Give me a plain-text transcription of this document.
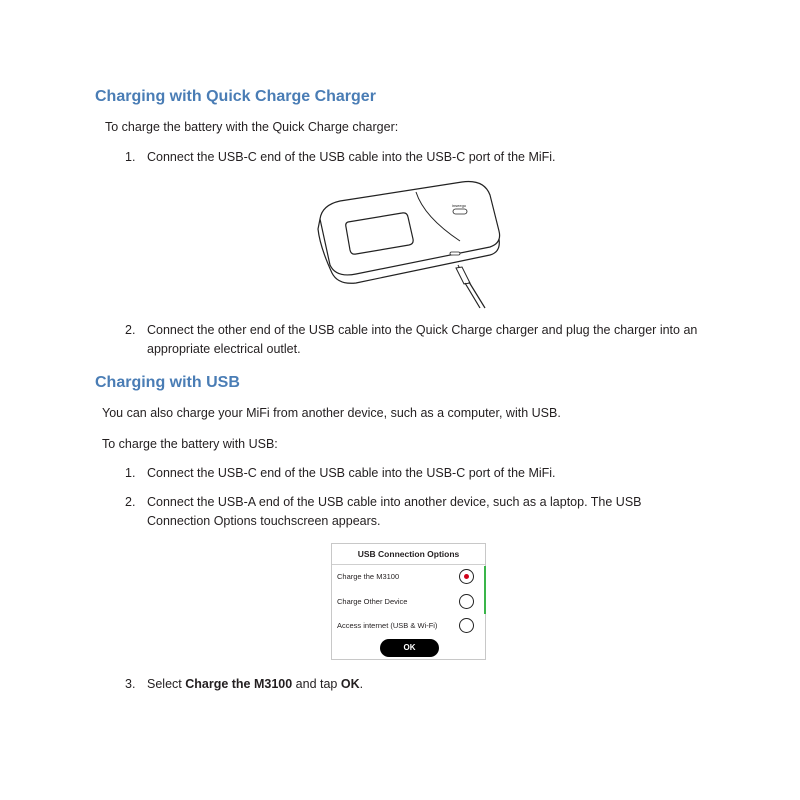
Charging with Quick Charge Charger

To charge the battery with the Quick Charge charger:

1. Connect the USB-C end of the USB cable into the USB-C port of the MiFi.
inseego
2. Connect the other end of the USB cable into the Quick Charge charger and plug the charger into an appropriate electrical outlet.
Charging with USB

You can also charge your MiFi from another device, such as a computer, with USB.

To charge the battery with USB:

1. Connect the USB-C end of the USB cable into the USB-C port of the MiFi.
2. Connect the USB-A end of the USB cable into another device, such as a laptop. The USB Connection Options touchscreen appears.
USB Connection Options
Charge the M3100
Charge Other Device
Access internet (USB & Wi-Fi)
OK
3. Select Charge the M3100 and tap OK.
